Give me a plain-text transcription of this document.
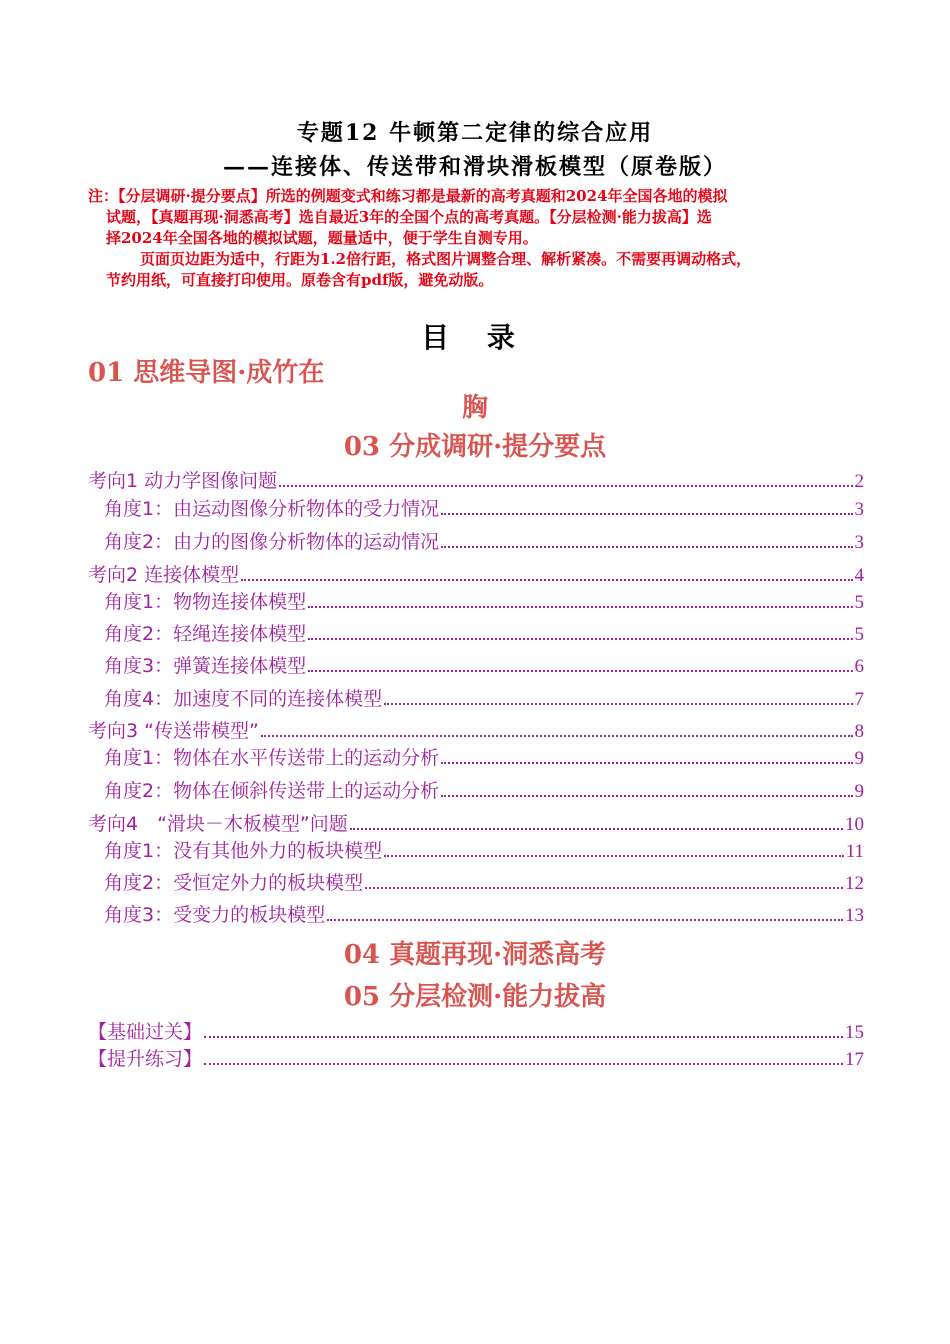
专题12 牛顿第二定律的综合应用
——连接体、传送带和滑块滑板模型（原卷版）

注：【分层调研·提分要点】所选的例题变式和练习都是最新的高考真题和2024年全国各地的模拟

试题，【真题再现·洞悉高考】选自最近3年的全国个点的高考真题。【分层检测·能力拔高】选

择2024年全国各地的模拟试题，题量适中，便于学生自测专用。

页面页边距为适中，行距为1.2倍行距，格式图片调整合理、解析紧凑。不需要再调动格式，

节约用纸，可直接打印使用。原卷含有pdf版，避免动版。

目 录
01 思维导图·成竹在
胸
03 分成调研·提分要点
考向1 动力学图像问题	2
角度1：由运动图像分析物体的受力情况	3
角度2：由力的图像分析物体的运动情况	3
考向2 连接体模型	4
角度1：物物连接体模型	5
角度2：轻绳连接体模型	5
角度3：弹簧连接体模型	6
角度4：加速度不同的连接体模型	7
考向3 “传送带模型”	8
角度1：物体在水平传送带上的运动分析	9
角度2：物体在倾斜传送带上的运动分析	9
考向4　“滑块－木板模型”问题	10
角度1：没有其他外力的板块模型	11
角度2：受恒定外力的板块模型	12
角度3：受变力的板块模型	13
04 真题再现·洞悉高考
05 分层检测·能力拔高
【基础过关】	15
【提升练习】	17
